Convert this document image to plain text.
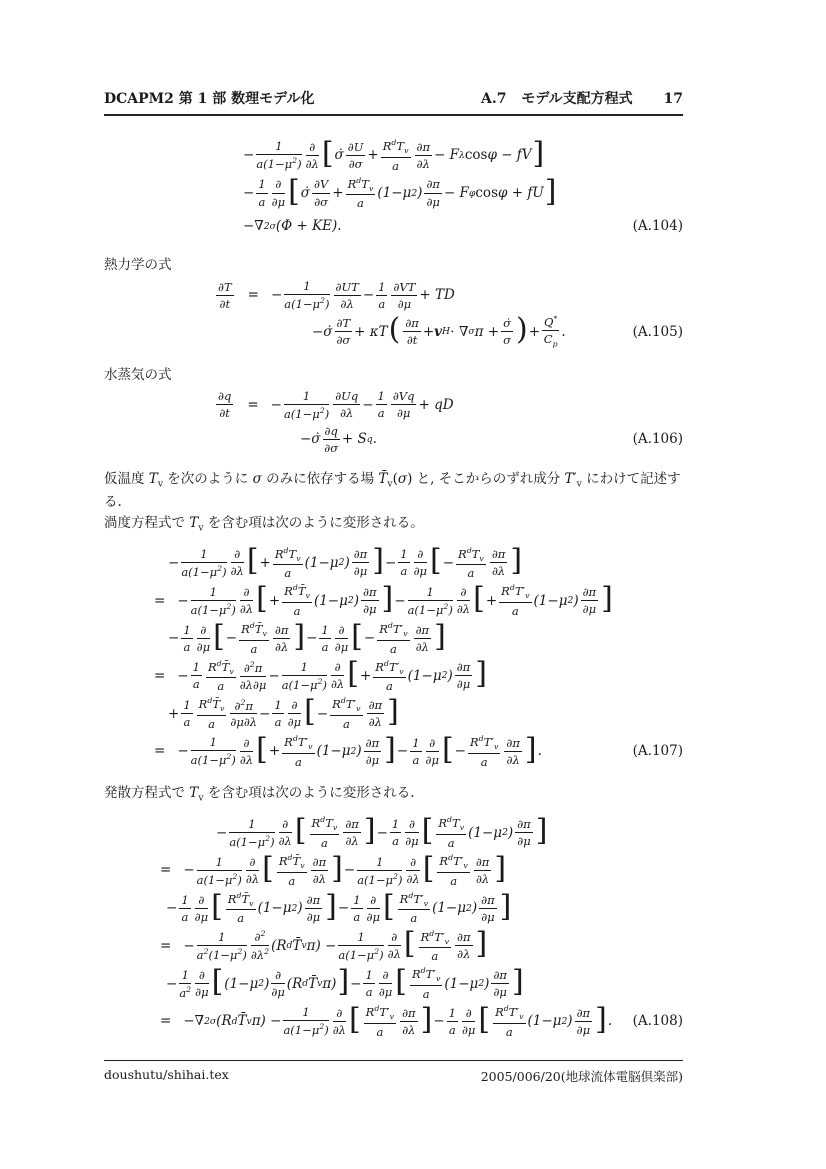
DCAPM2 第 1 部 数理モデル化	A.7 モデル支配方程式 17
− $\frac{1}{a(1-\mu^2)} \frac{\partial}{\partial\lambda}$ [ σ̇ $\frac{\partial U}{\partial\sigma} + \frac{R^dT_v}{a} \frac{\partial\pi}{\partial\lambda} - F$ λ cos φ − fV ]
− $\frac{1}{a} \frac{\partial}{\partial\mu}$ [ σ̇ $\frac{\partial V}{\partial\sigma} + \frac{R^dT_v}{a} (1-\mu$ 2 ) $\frac{\partial\pi}{\partial\mu} - F$ φ cos φ + fU ]
−∇ 2 σ (Φ + KE).	(A.104)
熱力学の式
$\frac{\partial T}{\partial t}$ = − $\frac{1}{a(1-\mu^2)} \frac{\partial UT}{\partial\lambda} - \frac{1}{a} \frac{\partial VT}{\partial\mu}$ + TD
−σ̇ $\frac{\partial T}{\partial\sigma} + \kappa T$ ( $\frac{\partial\pi}{\partial t} + v$ H ⋅ ∇ σ $\pi + \frac{\sigmȧ}{\sigma}$ ) + $\frac{Q^*}{C_p}$ .	(A.105)
水蒸気の式
$\frac{\partial q}{\partial t}$ = − $\frac{1}{a(1-\mu^2)} \frac{\partial Uq}{\partial\lambda} - \frac{1}{a} \frac{\partial Vq}{\partial\mu}$ + qD
−σ̇ $\frac{\partial q}{\partial\sigma} + S$ q .	(A.106)
仮温度 $T_v$ を次のように σ のみに依存する場 $T̄_v(\sigma)$ と, そこからのずれ成分 $T'_v$ にわけて記述する.
渦度方程式で $T_v$ を含む項は次のように変形される。
− $\frac{1}{a(1-\mu^2)} \frac{\partial}{\partial\lambda}$ [ + $\frac{R^dT_v}{a} (1-\mu$ 2 ) $\frac{\partial\pi}{\partial\mu}$ ] − $\frac{1}{a} \frac{\partial}{\partial\mu}$ [ − $\frac{R^dT_v}{a} \frac{\partial\pi}{\partial\lambda}$ ]
= − $\frac{1}{a(1-\mu^2)} \frac{\partial}{\partial\lambda}$ [ + $\frac{R^dT̄_v}{a} (1-\mu$ 2 ) $\frac{\partial\pi}{\partial\mu}$ ] − $\frac{1}{a(1-\mu^2)} \frac{\partial}{\partial\lambda}$ [ + $\frac{R^dT'_v}{a} (1-\mu$ 2 ) $\frac{\partial\pi}{\partial\mu}$ ]
− $\frac{1}{a} \frac{\partial}{\partial\mu}$ [ − $\frac{R^dT̄_v}{a} \frac{\partial\pi}{\partial\lambda}$ ] − $\frac{1}{a} \frac{\partial}{\partial\mu}$ [ − $\frac{R^dT'_v}{a} \frac{\partial\pi}{\partial\lambda}$ ]
= − $\frac{1}{a} \frac{R^dT̄_v}{a} \frac{\partial^2\pi}{\partial\lambda\partial\mu} - \frac{1}{a(1-\mu^2)} \frac{\partial}{\partial\lambda}$ [ + $\frac{R^dT'_v}{a} (1-\mu$ 2 ) $\frac{\partial\pi}{\partial\mu}$ ]
+ $\frac{1}{a} \frac{R^dT̄_v}{a} \frac{\partial^2\pi}{\partial\mu\partial\lambda} - \frac{1}{a} \frac{\partial}{\partial\mu}$ [ − $\frac{R^dT'_v}{a} \frac{\partial\pi}{\partial\lambda}$ ]
= − $\frac{1}{a(1-\mu^2)} \frac{\partial}{\partial\lambda}$ [ + $\frac{R^dT'_v}{a} (1-\mu$ 2 ) $\frac{\partial\pi}{\partial\mu}$ ] − $\frac{1}{a} \frac{\partial}{\partial\mu}$ [ − $\frac{R^dT'_v}{a} \frac{\partial\pi}{\partial\lambda}$ ] .	(A.107)
発散方程式で $T_v$ を含む項は次のように変形される.
− $\frac{1}{a(1-\mu^2)} \frac{\partial}{\partial\lambda}$ [ $\frac{R^dT_v}{a} \frac{\partial\pi}{\partial\lambda}$ ] − $\frac{1}{a} \frac{\partial}{\partial\mu}$ [ $\frac{R^dT_v}{a} (1-\mu$ 2 ) $\frac{\partial\pi}{\partial\mu}$ ]
= − $\frac{1}{a(1-\mu^2)} \frac{\partial}{\partial\lambda}$ [ $\frac{R^dT̄_v}{a} \frac{\partial\pi}{\partial\lambda}$ ] − $\frac{1}{a(1-\mu^2)} \frac{\partial}{\partial\lambda}$ [ $\frac{R^dT'_v}{a} \frac{\partial\pi}{\partial\lambda}$ ]
− $\frac{1}{a} \frac{\partial}{\partial\mu}$ [ $\frac{R^dT̄_v}{a} (1-\mu$ 2 ) $\frac{\partial\pi}{\partial\mu}$ ] − $\frac{1}{a} \frac{\partial}{\partial\mu}$ [ $\frac{R^dT'_v}{a} (1-\mu$ 2 ) $\frac{\partial\pi}{\partial\mu}$ ]
= − $\frac{1}{a^2(1-\mu^2)} \frac{\partial^2}{\partial\lambda^2} (R$ d T̄ v $\pi) - \frac{1}{a(1-\mu^2)} \frac{\partial}{\partial\lambda}$ [ $\frac{R^dT'_v}{a} \frac{\partial\pi}{\partial\lambda}$ ]
− $\frac{1}{a^2} \frac{\partial}{\partial\mu}$ [ (1−μ 2 ) $\frac{\partial}{\partial\mu} (R$ d T̄ v π) ] − $\frac{1}{a} \frac{\partial}{\partial\mu}$ [ $\frac{R^dT'_v}{a} (1-\mu$ 2 ) $\frac{\partial\pi}{\partial\mu}$ ]
= −∇ 2 σ (R d T̄ v $\pi) - \frac{1}{a(1-\mu^2)} \frac{\partial}{\partial\lambda}$ [ $\frac{R^dT'_v}{a} \frac{\partial\pi}{\partial\lambda}$ ] − $\frac{1}{a} \frac{\partial}{\partial\mu}$ [ $\frac{R^dT'_v}{a} (1-\mu$ 2 ) $\frac{\partial\pi}{\partial\mu}$ ] . (A.108)
doushutu/shihai.tex	2005/006/20(地球流体電脳倶楽部)
